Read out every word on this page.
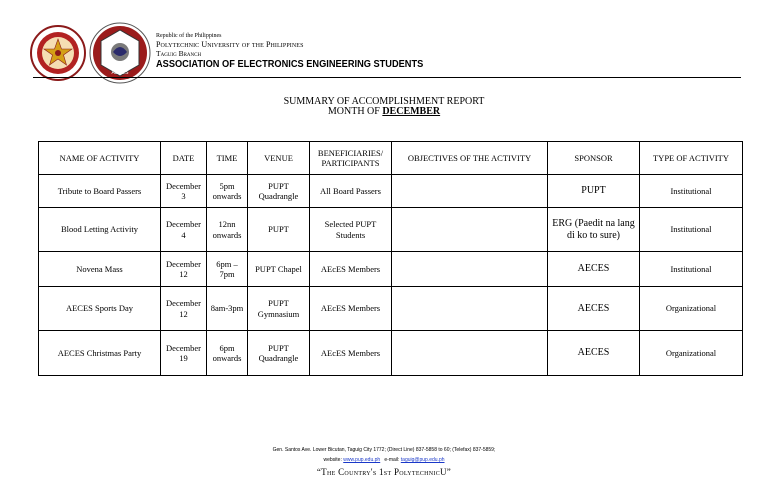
AECES
Republic of the Philippines
Polytechnic University of the Philippines
Taguig Branch
ASSOCIATION OF ELECTRONICS ENGINEERING STUDENTS
SUMMARY OF ACCOMPLISHMENT REPORT
MONTH OF DECEMBER
NAME OF ACTIVITY	DATE	TIME	VENUE	BENEFICIARIES/ PARTICIPANTS	OBJECTIVES OF THE ACTIVITY	SPONSOR	TYPE OF ACTIVITY
Tribute to Board Passers	December 3	5pm onwards	PUPT Quadrangle	All Board Passers		PUPT	Institutional
Blood Letting Activity	December 4	12nn onwards	PUPT	Selected PUPT Students		ERG (Paedit na lang di ko to sure)	Institutional
Novena Mass	December 12	6pm – 7pm	PUPT Chapel	AEcES Members		AECES	Institutional
AECES Sports Day	December 12	8am-3pm	PUPT Gymnasium	AEcES Members		AECES	Organizational
AECES Christmas Party	December 19	6pm onwards	PUPT Quadrangle	AEcES Members		AECES	Organizational
Gen. Santos Ave. Lower Bicutan, Taguig City 1772; (Direct Line) 837-5858 to 60; (Telefax) 837-5859;
website: www.pup.edu.ph e-mail: taguig@pup.edu.ph
“The Country's 1st PolytechnicU”
